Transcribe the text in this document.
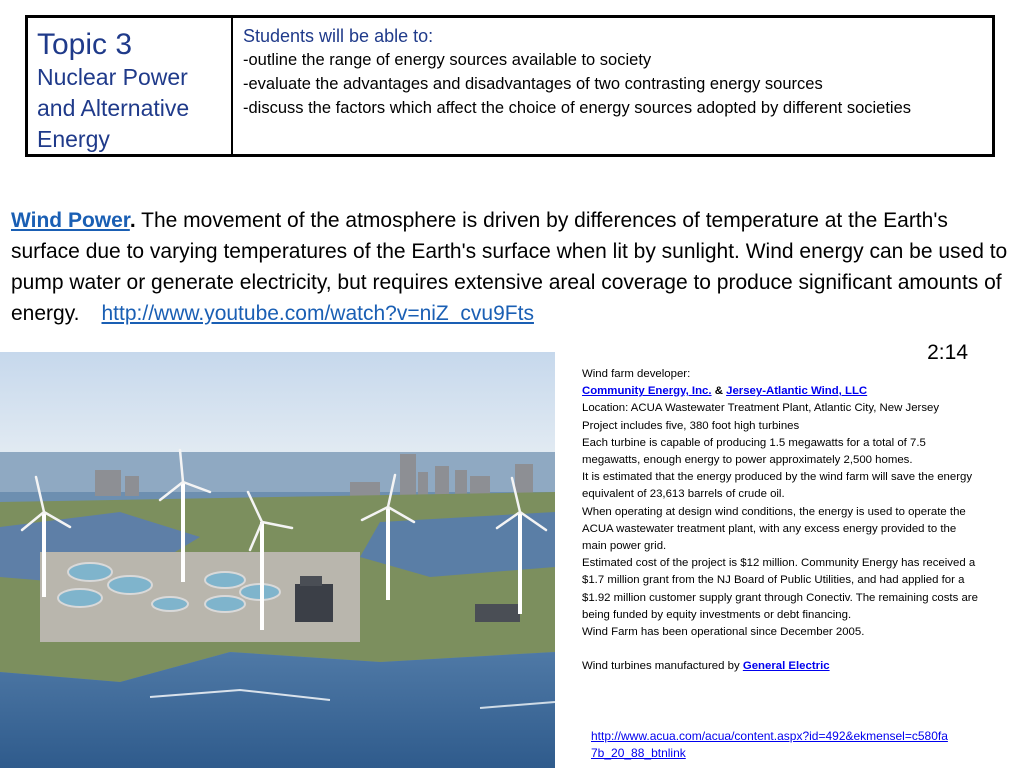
Topic 3
Nuclear Power and Alternative Energy
Students will be able to:
-outline the range of energy sources available to society
-evaluate the advantages and disadvantages of two contrasting energy sources
-discuss the factors which affect the choice of energy sources adopted by different societies
Wind Power. The movement of the atmosphere is driven by differences of temperature at the Earth's surface due to varying temperatures of the Earth's surface when lit by sunlight. Wind energy can be used to pump water or generate electricity, but requires extensive areal coverage to produce significant amounts of energy. http://www.youtube.com/watch?v=niZ_cvu9Fts
2:14
Wind farm developer:
Community Energy, Inc. & Jersey-Atlantic Wind, LLC
Location: ACUA Wastewater Treatment Plant, Atlantic City, New Jersey
Project includes five, 380 foot high turbines
Each turbine is capable of producing 1.5 megawatts for a total of 7.5 megawatts, enough energy to power approximately 2,500 homes.
It is estimated that the energy produced by the wind farm will save the energy equivalent of 23,613 barrels of crude oil.
When operating at design wind conditions, the energy is used to operate the ACUA wastewater treatment plant, with any excess energy provided to the main power grid.
Estimated cost of the project is $12 million. Community Energy has received a $1.7 million grant from the NJ Board of Public Utilities, and had applied for a $1.92 million customer supply grant through Conectiv. The remaining costs are being funded by equity investments or debt financing.
Wind Farm has been operational since December 2005.
Wind turbines manufactured by General Electric
http://www.acua.com/acua/content.aspx?id=492&ekmensel=c580fa7b_20_88_btnlink
